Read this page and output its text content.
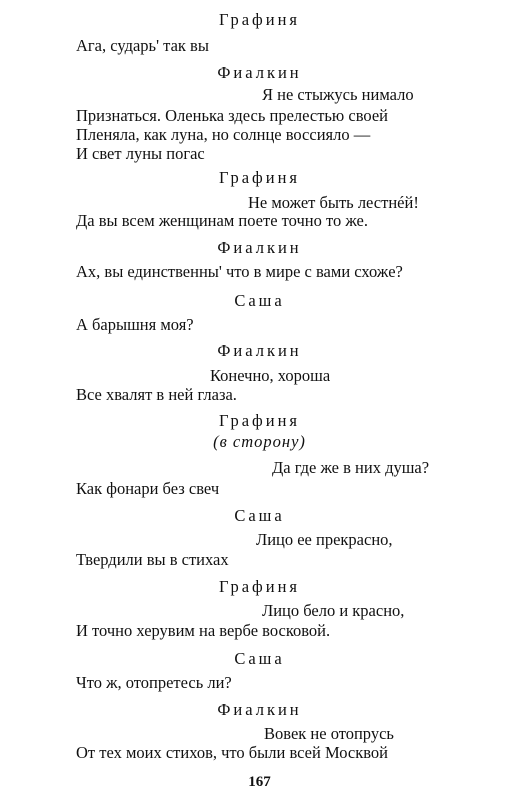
Графиня
Ага, сударь' так вы
Фиалкин
Я не стыжусь нимало
Признаться. Оленька здесь прелестью своей
Пленяла, как луна, но солнце воссияло —
И свет луны погас
Графиня
Не может быть лестнéй!
Да вы всем женщинам поете точно то же.
Фиалкин
Ах, вы единственны' что в мире с вами схожe?
Саша
А барышня моя?
Фиалкин
Конечно, хороша
Все хвалят в ней глаза.
Графиня
(в сторону)
Да где же в них душа?
Как фонари без свеч
Саша
Лицо ее прекрасно,
Твердили вы в стихах
Графиня
Лицо бело и красно,
И точно херувим на вербе восковой.
Саша
Что ж, отопретесь ли?
Фиалкин
Вовек не отопрусь
От тех моих стихов, что были всей Москвой
167
